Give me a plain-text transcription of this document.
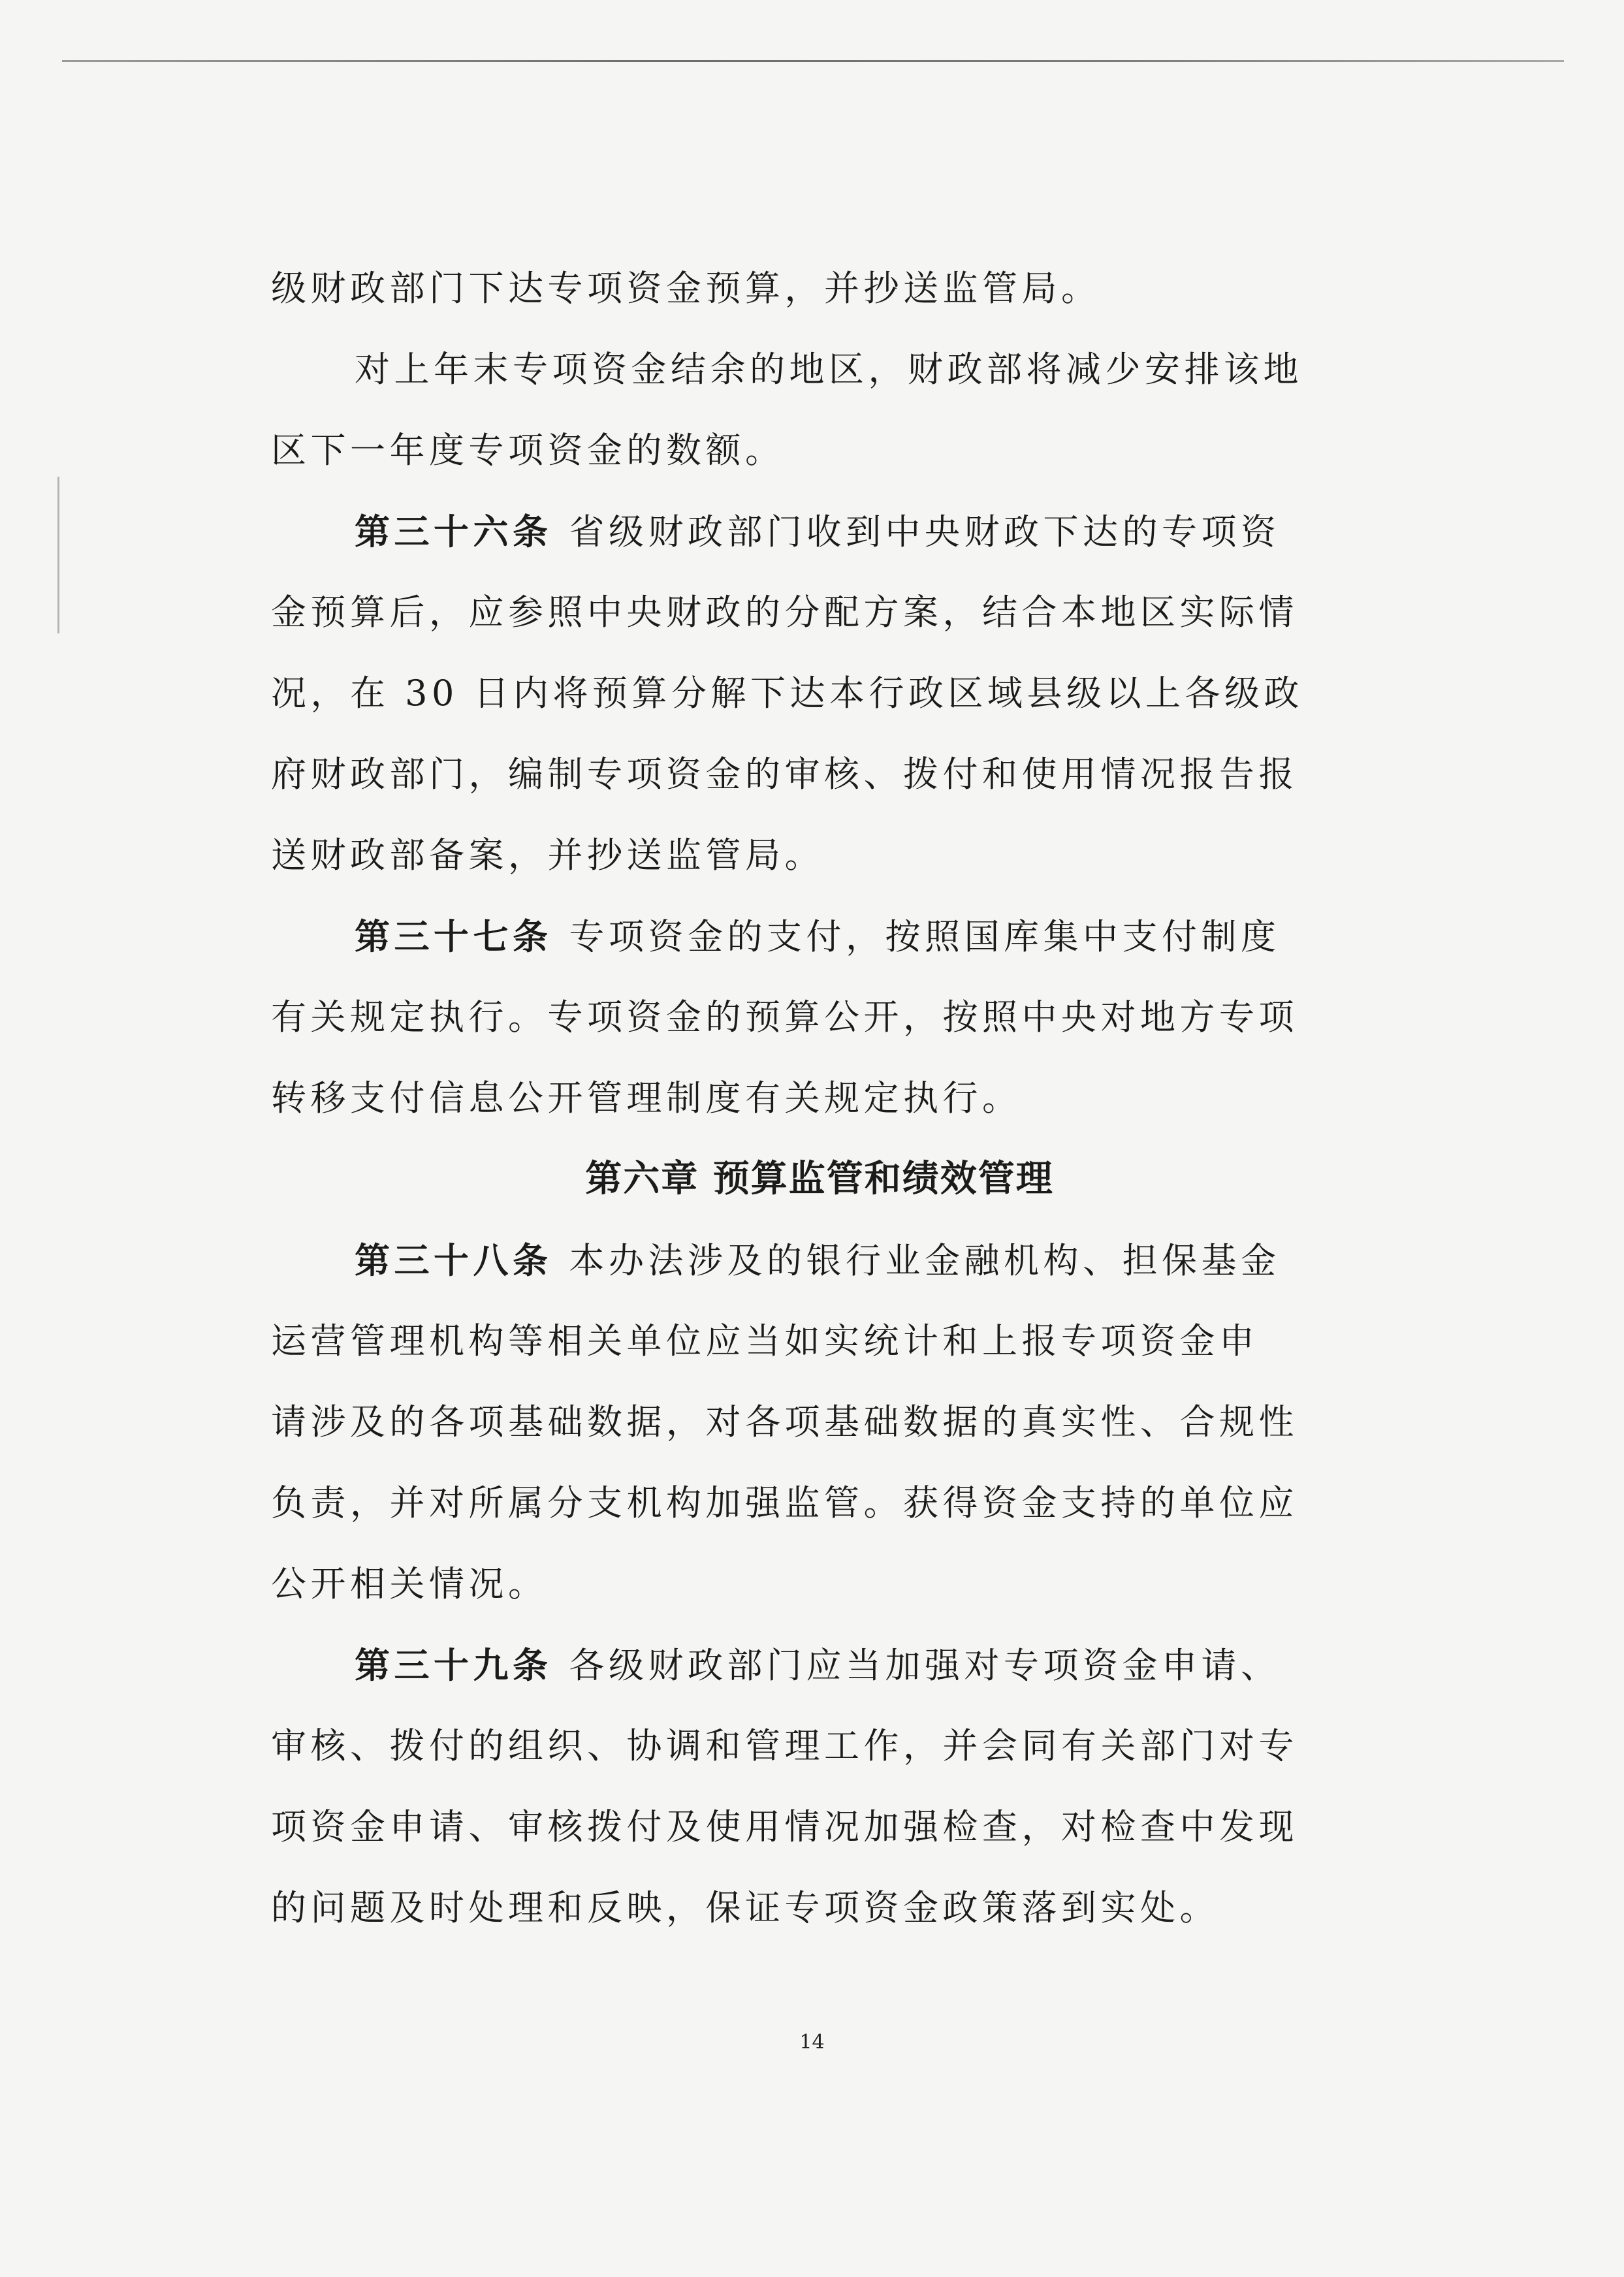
级财政部门下达专项资金预算，并抄送监管局。
对上年末专项资金结余的地区，财政部将减少安排该地
区下一年度专项资金的数额。
第三十六条 省级财政部门收到中央财政下达的专项资
金预算后，应参照中央财政的分配方案，结合本地区实际情
况，在 30 日内将预算分解下达本行政区域县级以上各级政
府财政部门，编制专项资金的审核、拨付和使用情况报告报
送财政部备案，并抄送监管局。
第三十七条 专项资金的支付，按照国库集中支付制度
有关规定执行。专项资金的预算公开，按照中央对地方专项
转移支付信息公开管理制度有关规定执行。
第六章 预算监管和绩效管理
第三十八条 本办法涉及的银行业金融机构、担保基金
运营管理机构等相关单位应当如实统计和上报专项资金申
请涉及的各项基础数据，对各项基础数据的真实性、合规性
负责，并对所属分支机构加强监管。获得资金支持的单位应
公开相关情况。
第三十九条 各级财政部门应当加强对专项资金申请、
审核、拨付的组织、协调和管理工作，并会同有关部门对专
项资金申请、审核拨付及使用情况加强检查，对检查中发现
的问题及时处理和反映，保证专项资金政策落到实处。
14
